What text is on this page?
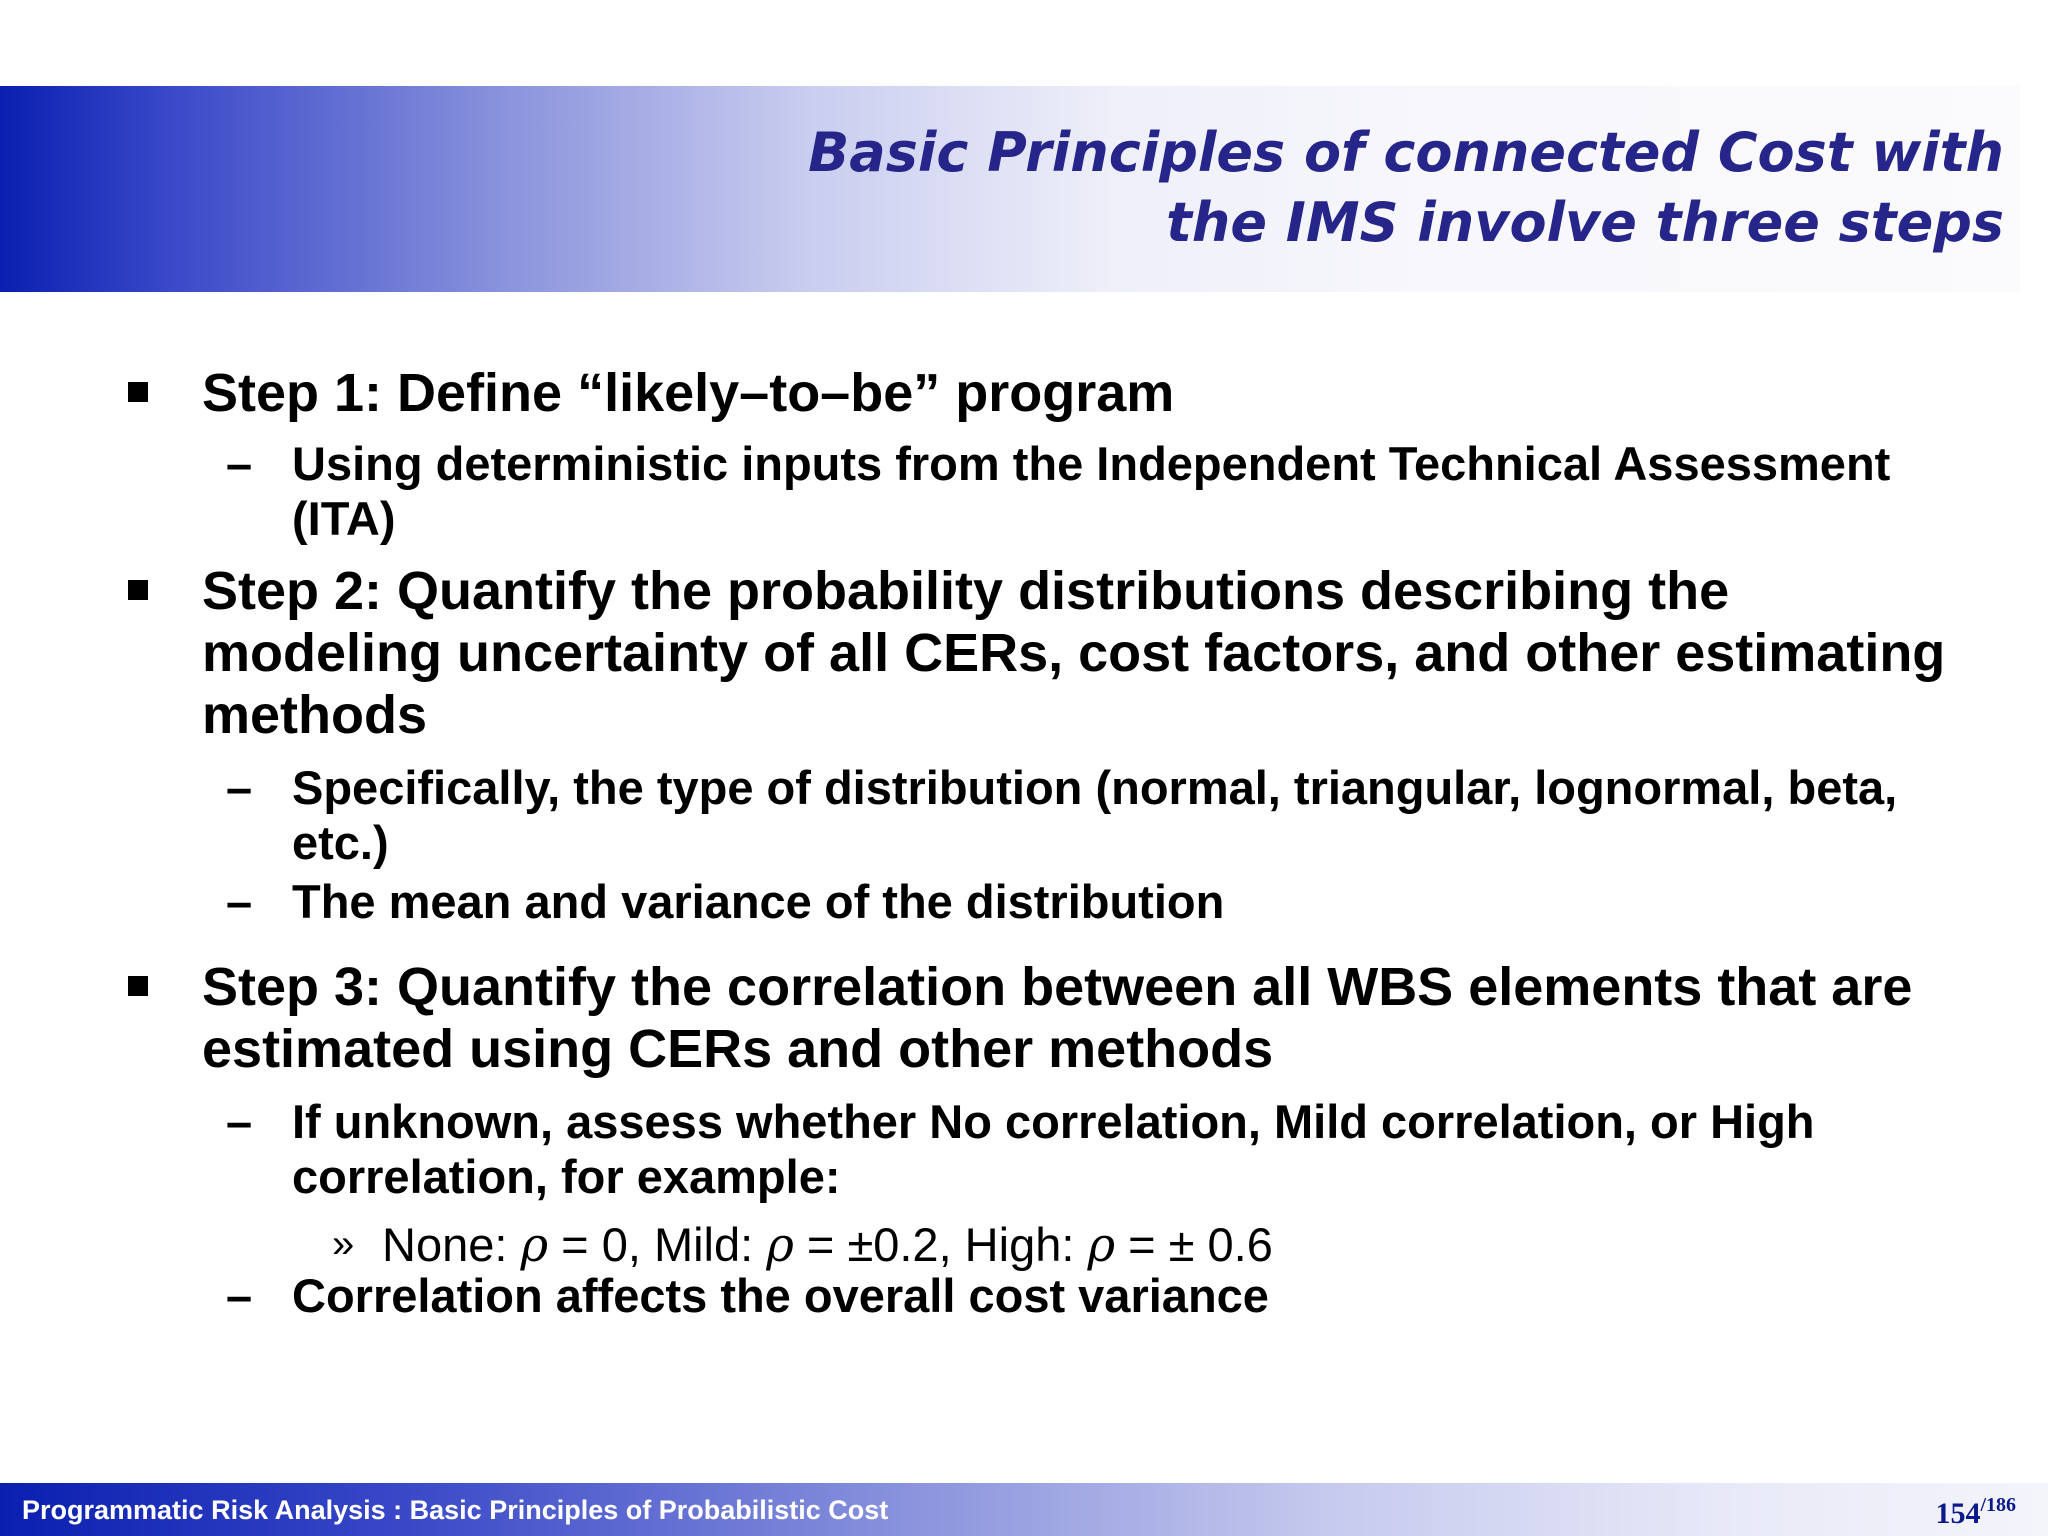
Basic Principles of connected Cost with
the IMS involve three steps
Step 1: Define “likely–to–be” program
– Using deterministic inputs from the Independent Technical Assessment (ITA)
Step 2: Quantify the probability distributions describing the modeling uncertainty of all CERs, cost factors, and other estimating methods
– Specifically, the type of distribution (normal, triangular, lognormal, beta, etc.)
– The mean and variance of the distribution
Step 3: Quantify the correlation between all WBS elements that are estimated using CERs and other methods
– If unknown, assess whether No correlation, Mild correlation, or High correlation, for example:
» None: ρ = 0, Mild: ρ = ±0.2, High: ρ = ± 0.6
– Correlation affects the overall cost variance
Programmatic Risk Analysis : Basic Principles of Probabilistic Cost	154/186
